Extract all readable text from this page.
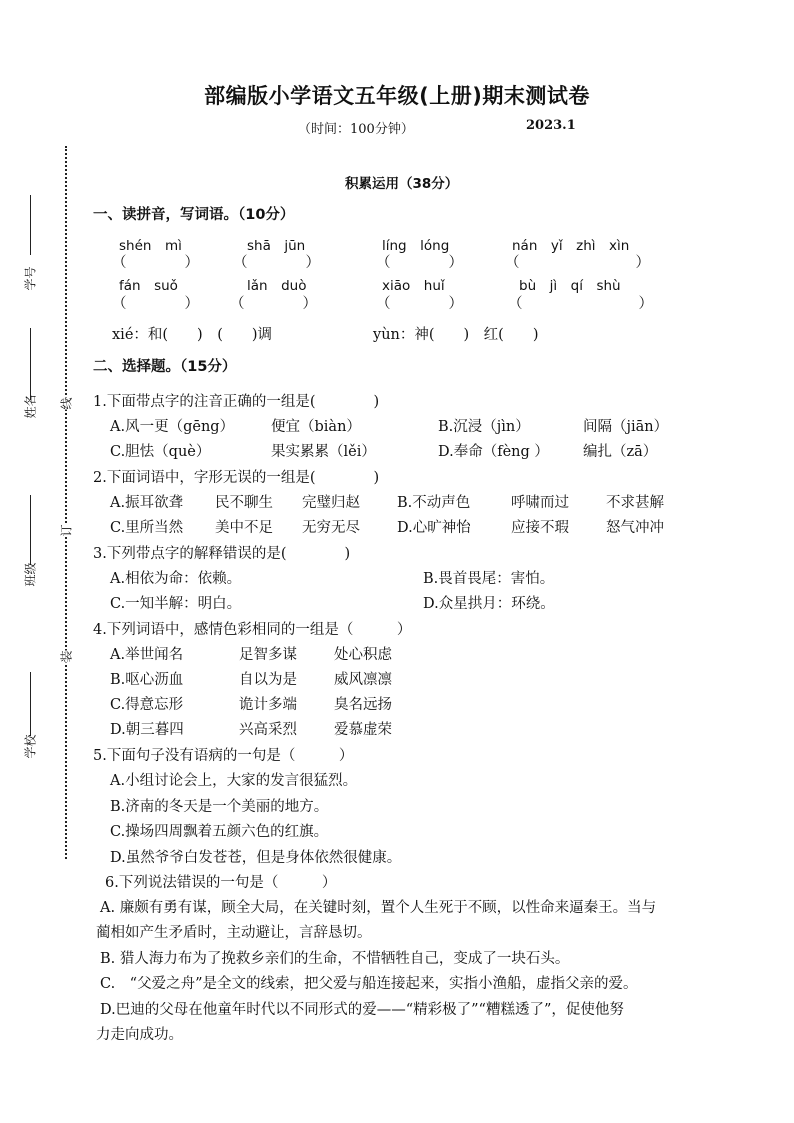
部编版小学语文五年级(上册)期末测试卷
（时间：100分钟）	2023.1
学号
姓名
班级
学校
线
订
装
积累运用（38分）
一、读拼音，写词语。（10分）
shén　mì	shā　jūn	líng　lóng	nán　yǐ　zhì　xìn
（　　　　） （　　　　）	（　　　　）	（　　　　　　　　）
fán　suǒ	lǎn　duò	xiāo　huǐ	bù　jì　qí　shù
（　　　　） （　　　　）	（　　　　）	（　　　　　　　　）
xié：和(　　)　(　　)调	yùn：神(　　)　红(　　)
二、选择题。（15分）
1.下面带点字的注音正确的一组是(　　　　)
A.风一更（gēng）	便宜（biàn）	B.沉浸（jìn）	间隔（jiān）
C.胆怯（què）	果实累累（lěi）	D.奉命（fèng ） 编扎（zā）
2.下面词语中，字形无误的一组是(　　　　)
A.振耳欲聋 民不聊生 完璧归赵	B.不动声色	呼啸而过	不求甚解
C.里所当然 美中不足 无穷无尽	D.心旷神怡	应接不瑕	怒气冲冲
3.下列带点字的解释错误的是(　　　　)
A.相依为命：依赖。	B.畏首畏尾：害怕。
C.一知半解：明白。	D.众星拱月：环绕。
4.下列词语中，感情色彩相同的一组是（　　　）
A.举世闻名	足智多谋	处心积虑
B.呕心沥血	自以为是	威风凛凛
C.得意忘形	诡计多端	臭名远扬
D.朝三暮四	兴高采烈	爱慕虚荣
5.下面句子没有语病的一句是（　　　）
A.小组讨论会上，大家的发言很猛烈。
B.济南的冬天是一个美丽的地方。
C.操场四周飘着五颜六色的红旗。
D.虽然爷爷白发苍苍，但是身体依然很健康。
6.下列说法错误的一句是（　　　）
A. 廉颇有勇有谋，顾全大局，在关键时刻，置个人生死于不顾，以性命来逼秦王。当与
蔺相如产生矛盾时，主动避让，言辞恳切。
B. 猎人海力布为了挽救乡亲们的生命，不惜牺牲自己，变成了一块石头。
C.　“父爱之舟”是全文的线索，把父爱与船连接起来，实指小渔船，虚指父亲的爱。
D.巴迪的父母在他童年时代以不同形式的爱——“精彩极了”“糟糕透了”，促使他努
力走向成功。
